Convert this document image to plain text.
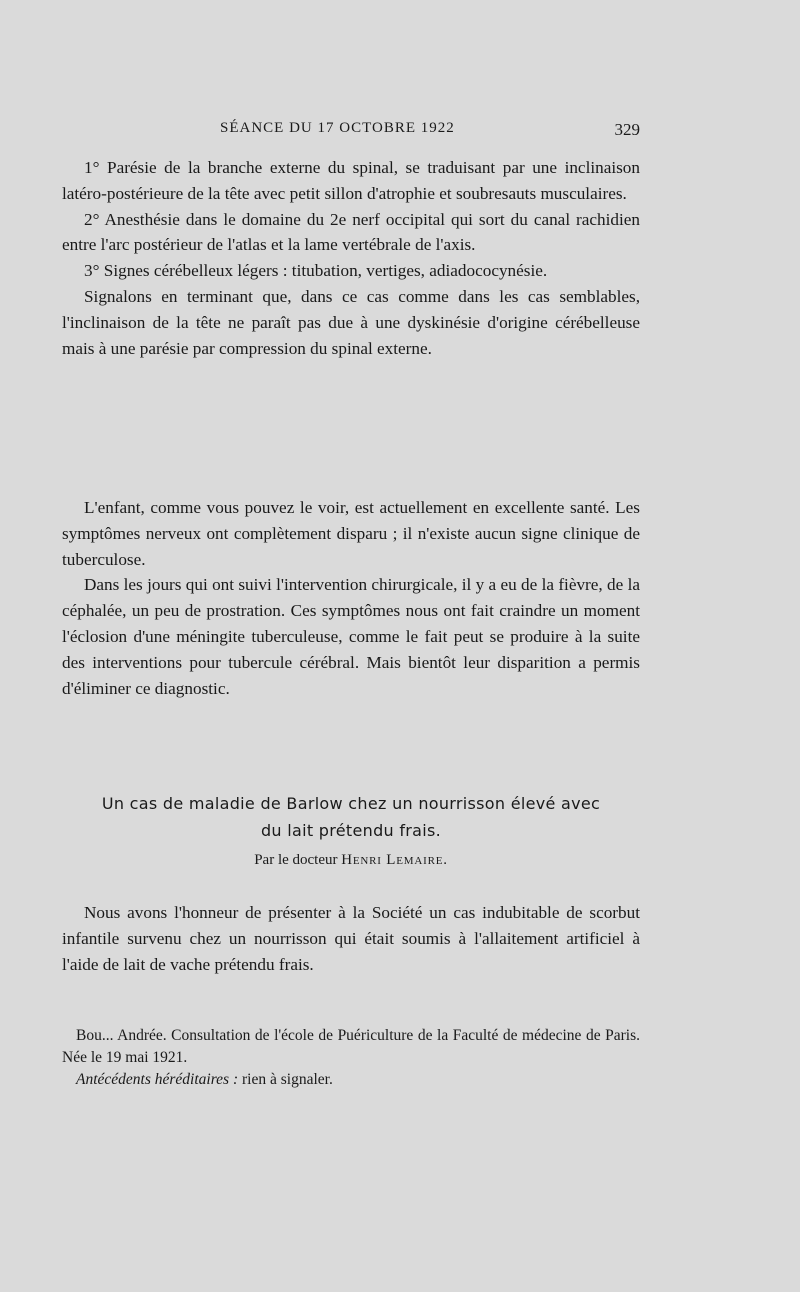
SÉANCE DU 17 OCTOBRE 1922	329

1° Parésie de la branche externe du spinal, se traduisant par une inclinaison latéro-postérieure de la tête avec petit sillon d'atrophie et soubresauts musculaires.

2° Anesthésie dans le domaine du 2e nerf occipital qui sort du canal rachidien entre l'arc postérieur de l'atlas et la lame vertébrale de l'axis.

3° Signes cérébelleux légers : titubation, vertiges, adiadococynésie.

Signalons en terminant que, dans ce cas comme dans les cas semblables, l'inclinaison de la tête ne paraît pas due à une dyskinésie d'origine cérébelleuse mais à une parésie par compression du spinal externe.

L'enfant, comme vous pouvez le voir, est actuellement en excellente santé. Les symptômes nerveux ont complètement disparu ; il n'existe aucun signe clinique de tuberculose.

Dans les jours qui ont suivi l'intervention chirurgicale, il y a eu de la fièvre, de la céphalée, un peu de prostration. Ces symptômes nous ont fait craindre un moment l'éclosion d'une méningite tuberculeuse, comme le fait peut se produire à la suite des interventions pour tubercule cérébral. Mais bientôt leur disparition a permis d'éliminer ce diagnostic.

Un cas de maladie de Barlow chez un nourrisson élevé avec
du lait prétendu frais.
Par le docteur Henri Lemaire.

Nous avons l'honneur de présenter à la Société un cas indubitable de scorbut infantile survenu chez un nourrisson qui était soumis à l'allaitement artificiel à l'aide de lait de vache prétendu frais.

Bou... Andrée. Consultation de l'école de Puériculture de la Faculté de médecine de Paris. Née le 19 mai 1921.

Antécédents héréditaires : rien à signaler.
